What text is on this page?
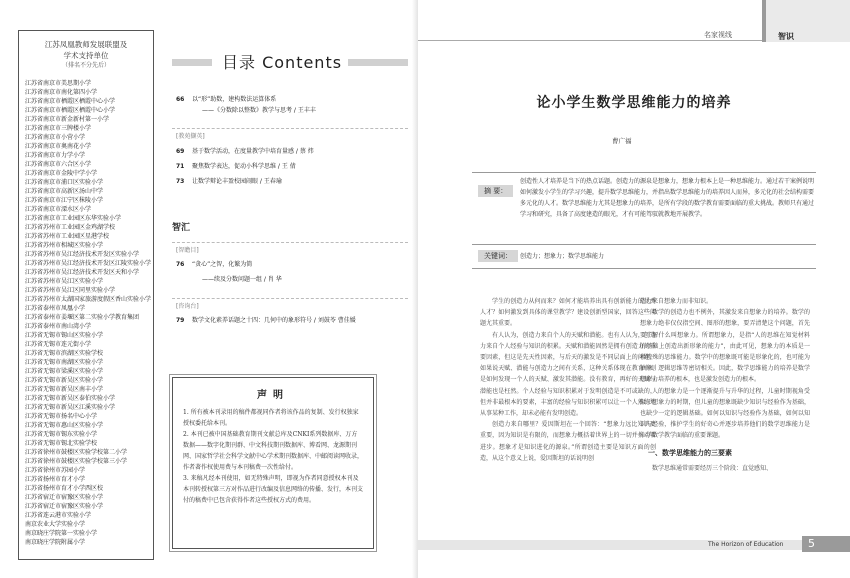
江苏凤凰教师发展联盟及
学术支持单位
（排名不分先后）
江苏省南京市美思期小学
江苏省南京市南化第四小学
江苏省南京市栖霞区栖霞中心小学
江苏省南京市栖霞区栖霞中心小学
江苏省南京市新金新村第一小学
江苏省南京市三牌楼小学
江苏省南京市小营小学
江苏省南京市奥南花小学
江苏省南京市力学小学
江苏省南京市六合区小学
江苏省南京市金陵中学小学
江苏省南京市浦口区实验小学
江苏省南京市高新区汤山中学
江苏省南京市江宁区秣陵小学
江苏省南京市溧水区小学
江苏省南京市工业园区东华实验小学
江苏省苏州市工业园区金鸡湖学校
江苏省苏州市工业园区星港学校
江苏省苏州市相城区实验小学
江苏省苏州市吴江经济技术开发区实验小学
江苏省苏州市吴江经济技术开发区江陵实验小学
江苏省苏州市吴江经济技术开发区天和小学
江苏省苏州市吴江区实验小学
江苏省苏州市吴江区同里实验小学
江苏省苏州市太湖国家旅游度假区香山实验小学
江苏省泰州市凤凰小学
江苏省泰州市姜堰区第二实验小学教育集团
江苏省泰州市南山湾小学
江苏省无锡市锡山区实验小学
江苏省无锡市连元街小学
江苏省无锡市滨湖区实验学校
江苏省无锡市南湖区实验小学
江苏省无锡市梁溪区实验小学
江苏省无锡市新吴区实验小学
江苏省无锡市新吴区南丰小学
江苏省无锡市新吴区泰伯实验小学
江苏省无锡市新吴区江溪实验小学
江苏省无锡市扬名中心小学
江苏省无锡市惠山区实验小学
江苏省无锡市锡东实验小学
江苏省无锡市锡北实验学校
江苏省徐州市鼓楼区实验学校第二小学
江苏省徐州市鼓楼区实验学校第三小学
江苏省徐州市苏园小学
江苏省扬州市育才小学
江苏省扬州市育才小学西区校
江苏省宿迁市宿豫区实验小学
江苏省宿迁市宿豫区实验小学
江苏省连云港市实验小学
南京农业大学实验小学
南京晓庄学院第一实验小学
南京晓庄学院附属小学
目录 Contents
66 以“形”助数，建构数法运算体系
——《分数除以整数》教学与思考 / 王丰丰
[教苑撷英]
69 基于数学活动，在度量教学中培育量感 / 蔡 炜
71 聚焦数学表达，促动小科学思维 / 王 倩
73 让数学辩论丰盈校园闹眼 / 王春瑜
智汇
[智瞻目]
76 “贪心”之智，化繁为简
——续及分数问题一组 / 肖 华
[咨询台]
79 数学文化素养话题之十四：几何中的象形符号 / 刘鼓苓 曹佳媛
声明

1. 所有被本刊录用的稿件都视同作者将该作品的复制、发行权独家授权委托给本刊。

2. 本刊已被中国基础教育期刊文献总库及CNKI系列数据库、万方数据——数字化期刊群、中文科技期刊数据库、博看网、龙源期刊网、国家哲学社会科学文献中心学术期刊数据库、中邮阅读网收录，作者著作权使用费与本刊稿费一次性给付。

3. 来稿凡经本刊使用，如无特殊声明，即视为作者同意授权本刊及本刊转授权第三方对作品进行改编及信息网络的传播、发行，本刊支付的稿费中已包含获得作者这些授权方式的费用。

名家视线	智识
论小学生数学思维能力的培养
曹广福
摘 要：
创造性人才培养是当下的热点话题。创造力的源泉是想象力，想象力根本上是一种思维能力。通过若干案例说明如何激发小学生的学习兴趣，提升数学思维能力，并指出数学思维能力的培养因人而异，多元化的社会结构需要多元化的人才。数学思维能力尤其是想象力的培养，是所有学段的数学教育需要面临的重大挑战。教师只有通过学习和研究，具备了高度建造的眼光，才有可能驾驭就教地开展教学。
关键词：	创造力；想象力；数学思维能力

学生的创造力从何而来？如何才能培养出具有创新能力的优秀人才？如何激发到具体的课堂教学？建设创新型国家，回答这些问题尤其重要。

有人认为，创造力来自个人的天赋和潜能。也有人认为，创造力来自个人经验与知识的积累。天赋和潜能固然是拥有创造力的重要因素，但这是先天性因素，与后天的激发是不同层面上的问题。如果说天赋、潜能与创造力之间有关系，这种关系体现在教育中则是如何发现一个人的天赋、激发其潜能。没有教育，再好的天赋与潜能也是枉然。个人经验与知识积累对于发明创造是不可或缺的，但并非最根本的要素，丰富的经验与知识积累可以让一个人熟练地从事某种工作，却未必能有发明创造。

创造力来自哪里？爱因斯坦在一个回答：“想象力远比知识更重要，因为知识是有限的，而想象力概括着世界上的一切并推动着进步。想象才是知识进化的源泉。”所谓创造主要是知识方面的创造，从这个意义上说，爱因斯坦的话说明创

造力来自想象力而非知识。

数学的创造力也不例外，其激发来自想象力的培养。数学的想象力绝非仅仅指空间、图形的想象，要弄清楚这个问题，首先要了解什么叫想象力。所谓想象力，是指“人的思维在知觉材料的基础上创造出新形象的能力”，由此可见，想象力的本质是一种特殊的思维能力。数学中的想象既可能是形象化的，也可能为抽象、逻辑思维等密切相关。因此，数学思维能力的培养是数学想象力培养的根本，也是激发创造力的根本。

人的想象力是一个逐渐提升与升华的过程，儿童时期视角受限于想象力的时期，但儿童的想象既缺少知识与经验作为基础，也缺少一定的逻辑基础。如何以知识与经验作为基础，如何以知识与经验，推护学生的好奇心并逐步培养他们的数学思维能力是小学数学教学面临的重要课题。

一、数学思维能力的三要素

数学思维通常需要经历三个阶段：直觉感知、

The Horizon of Education 5
